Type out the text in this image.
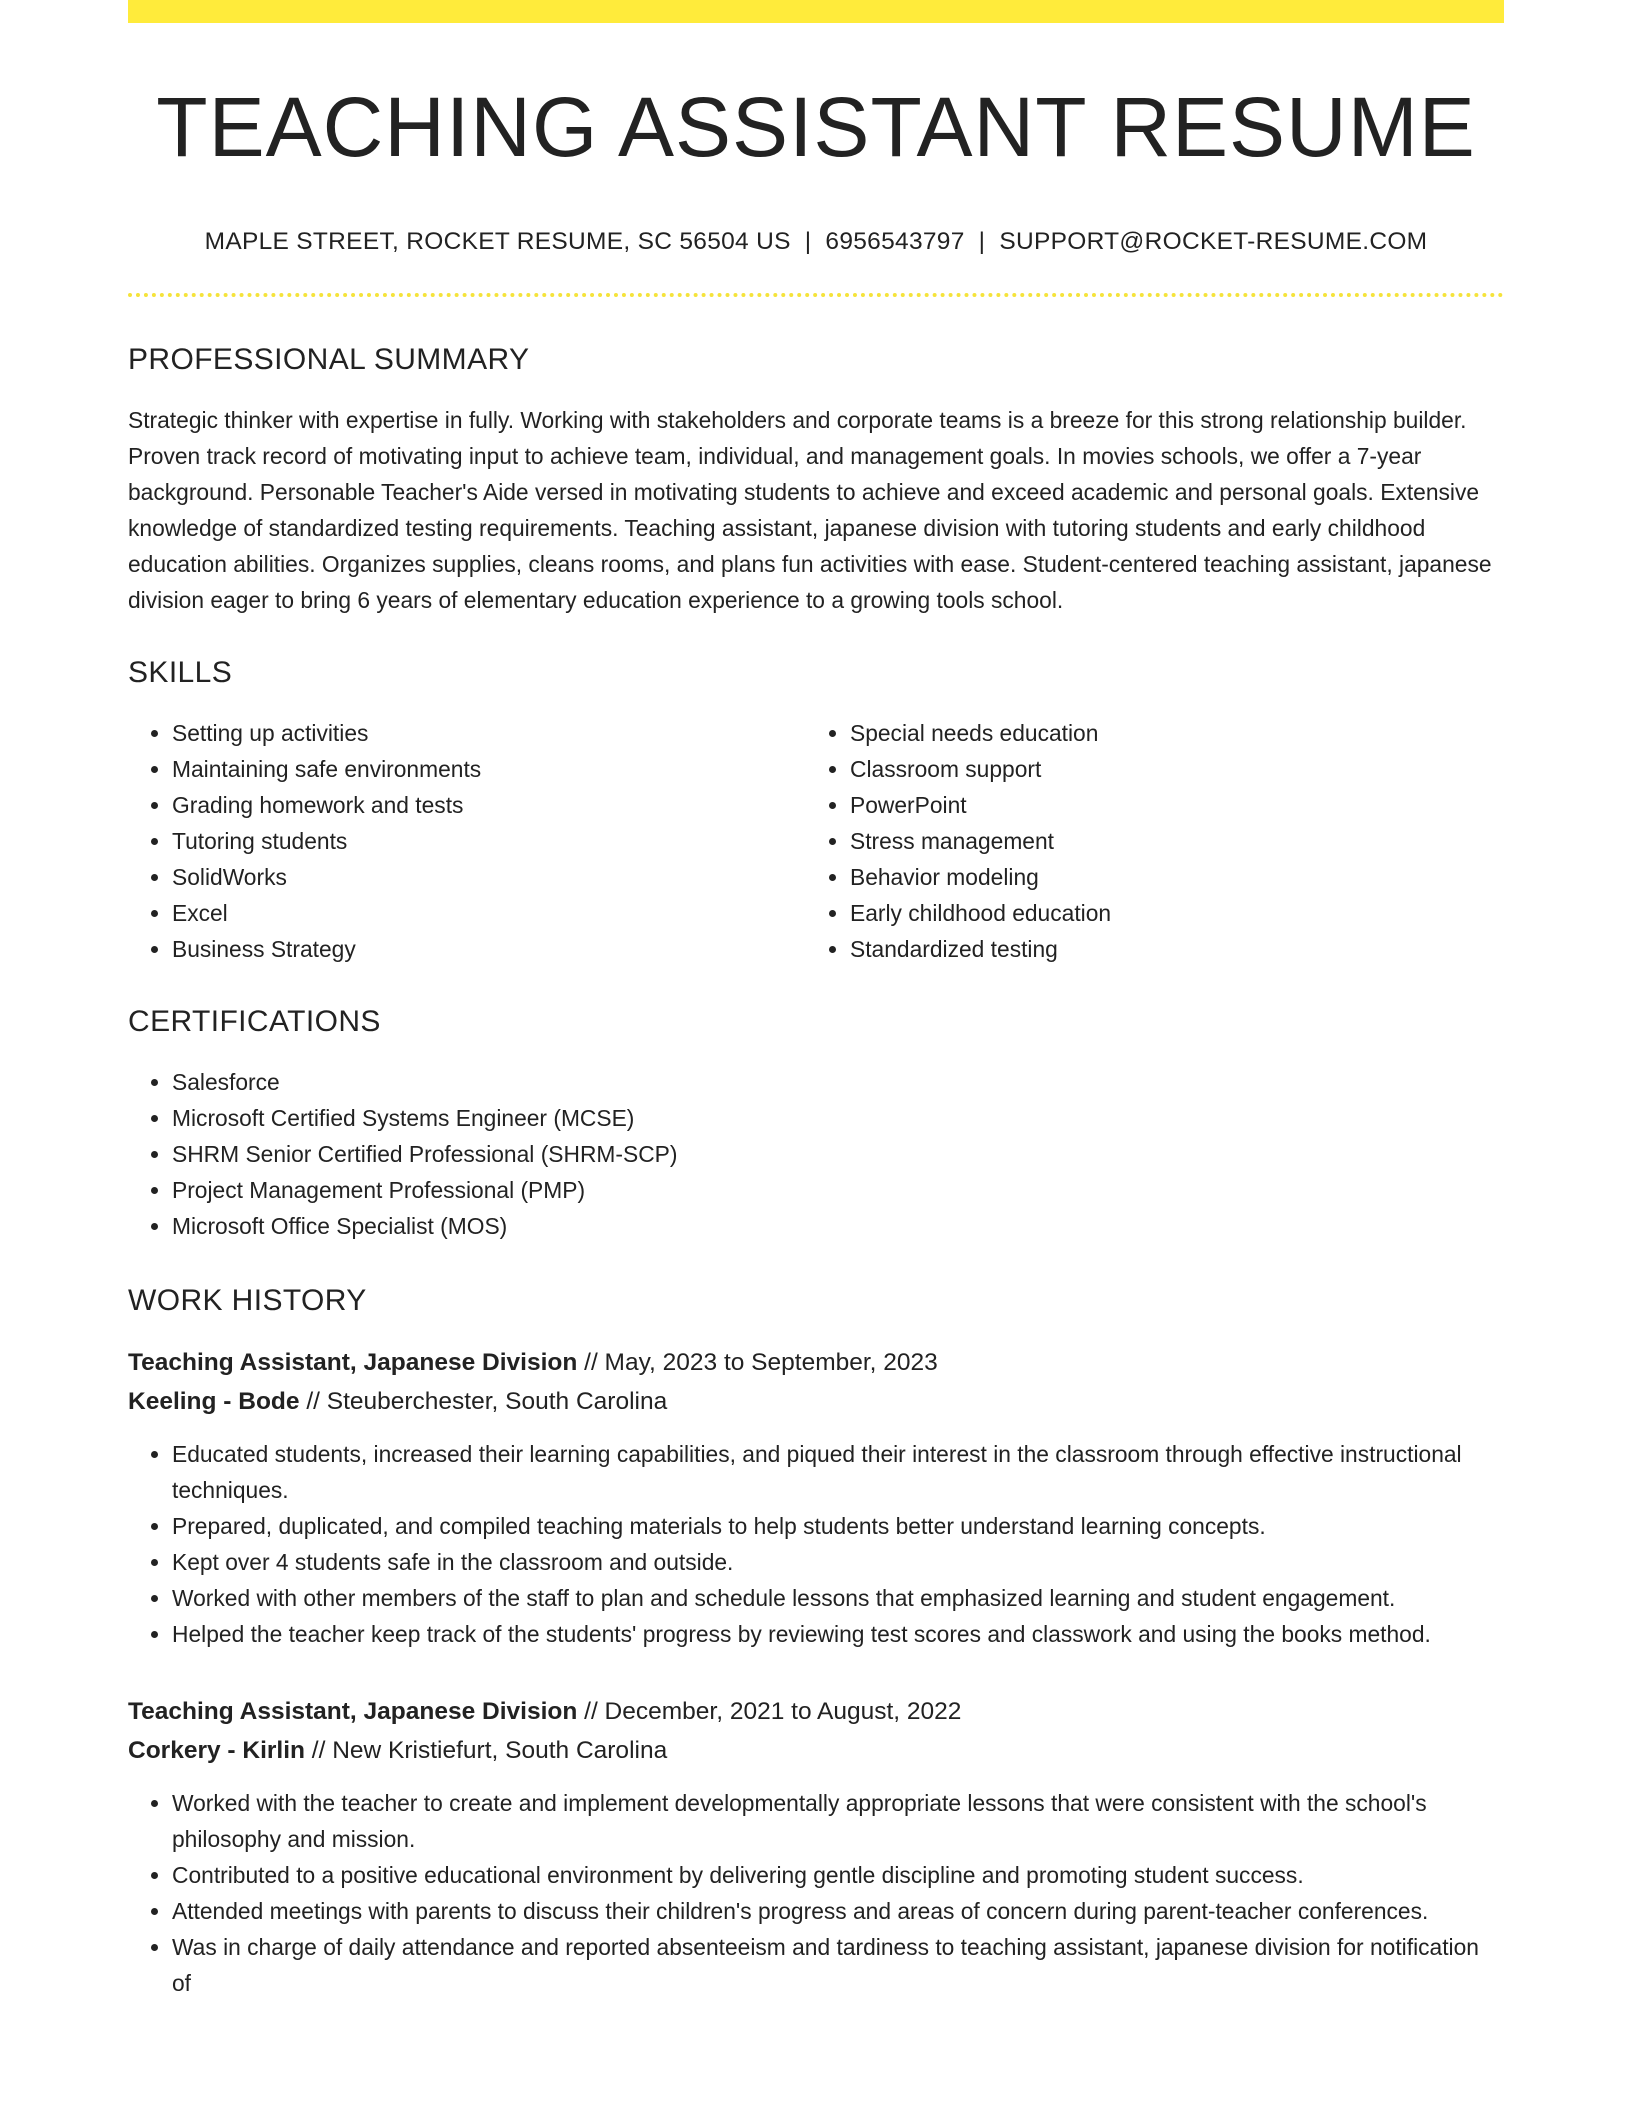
TEACHING ASSISTANT RESUME
MAPLE STREET, ROCKET RESUME, SC 56504 US | 6956543797 | SUPPORT@ROCKET-RESUME.COM
PROFESSIONAL SUMMARY

Strategic thinker with expertise in fully. Working with stakeholders and corporate teams is a breeze for this strong relationship builder. Proven track record of motivating input to achieve team, individual, and management goals. In movies schools, we offer a 7-year background. Personable Teacher's Aide versed in motivating students to achieve and exceed academic and personal goals. Extensive knowledge of standardized testing requirements. Teaching assistant, japanese division with tutoring students and early childhood education abilities. Organizes supplies, cleans rooms, and plans fun activities with ease. Student-centered teaching assistant, japanese division eager to bring 6 years of elementary education experience to a growing tools school.

SKILLS
• Setting up activities
• Maintaining safe environments
• Grading homework and tests
• Tutoring students
• SolidWorks
• Excel
• Business Strategy
• Special needs education
• Classroom support
• PowerPoint
• Stress management
• Behavior modeling
• Early childhood education
• Standardized testing
CERTIFICATIONS
• Salesforce
• Microsoft Certified Systems Engineer (MCSE)
• SHRM Senior Certified Professional (SHRM-SCP)
• Project Management Professional (PMP)
• Microsoft Office Specialist (MOS)
WORK HISTORY
Teaching Assistant, Japanese Division // May, 2023 to September, 2023
Keeling - Bode // Steuberchester, South Carolina
• Educated students, increased their learning capabilities, and piqued their interest in the classroom through effective instructional techniques.
• Prepared, duplicated, and compiled teaching materials to help students better understand learning concepts.
• Kept over 4 students safe in the classroom and outside.
• Worked with other members of the staff to plan and schedule lessons that emphasized learning and student engagement.
• Helped the teacher keep track of the students' progress by reviewing test scores and classwork and using the books method.
Teaching Assistant, Japanese Division // December, 2021 to August, 2022
Corkery - Kirlin // New Kristiefurt, South Carolina
• Worked with the teacher to create and implement developmentally appropriate lessons that were consistent with the school's philosophy and mission.
• Contributed to a positive educational environment by delivering gentle discipline and promoting student success.
• Attended meetings with parents to discuss their children's progress and areas of concern during parent-teacher conferences.
• Was in charge of daily attendance and reported absenteeism and tardiness to teaching assistant, japanese division for notification of
